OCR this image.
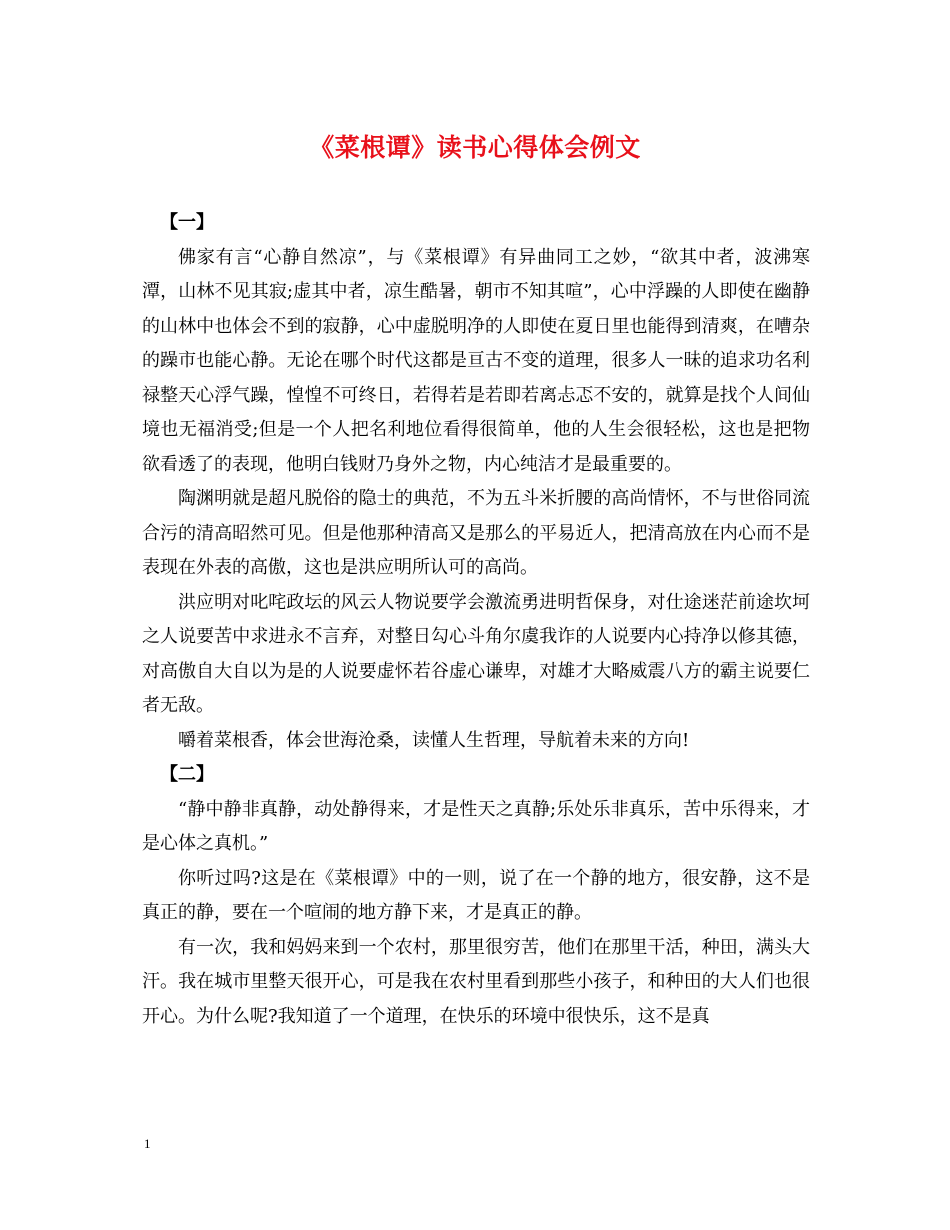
《菜根谭》读书心得体会例文

【一】

佛家有言“心静自然凉”，与《菜根谭》有异曲同工之妙，“欲其中者，波沸寒潭，山林不见其寂;虚其中者，凉生酷暑，朝市不知其喧”，心中浮躁的人即使在幽静的山林中也体会不到的寂静，心中虚脱明净的人即使在夏日里也能得到清爽，在嘈杂的躁市也能心静。无论在哪个时代这都是亘古不变的道理，很多人一昧的追求功名利禄整天心浮气躁，惶惶不可终日，若得若是若即若离忐忑不安的，就算是找个人间仙境也无福消受;但是一个人把名利地位看得很简单，他的人生会很轻松，这也是把物欲看透了的表现，他明白钱财乃身外之物，内心纯洁才是最重要的。

陶渊明就是超凡脱俗的隐士的典范，不为五斗米折腰的高尚情怀，不与世俗同流合污的清高昭然可见。但是他那种清高又是那么的平易近人，把清高放在内心而不是表现在外表的高傲，这也是洪应明所认可的高尚。

洪应明对叱咤政坛的风云人物说要学会激流勇进明哲保身，对仕途迷茫前途坎坷之人说要苦中求进永不言弃，对整日勾心斗角尔虞我诈的人说要内心持净以修其德，对高傲自大自以为是的人说要虚怀若谷虚心谦卑，对雄才大略威震八方的霸主说要仁者无敌。

嚼着菜根香，体会世海沧桑，读懂人生哲理，导航着未来的方向!

【二】

“静中静非真静，动处静得来，才是性天之真静;乐处乐非真乐，苦中乐得来，才是心体之真机。”

你听过吗?这是在《菜根谭》中的一则，说了在一个静的地方，很安静，这不是真正的静，要在一个喧闹的地方静下来，才是真正的静。

有一次，我和妈妈来到一个农村，那里很穷苦，他们在那里干活，种田，满头大汗。我在城市里整天很开心，可是我在农村里看到那些小孩子，和种田的大人们也很开心。为什么呢?我知道了一个道理，在快乐的环境中很快乐，这不是真

1
